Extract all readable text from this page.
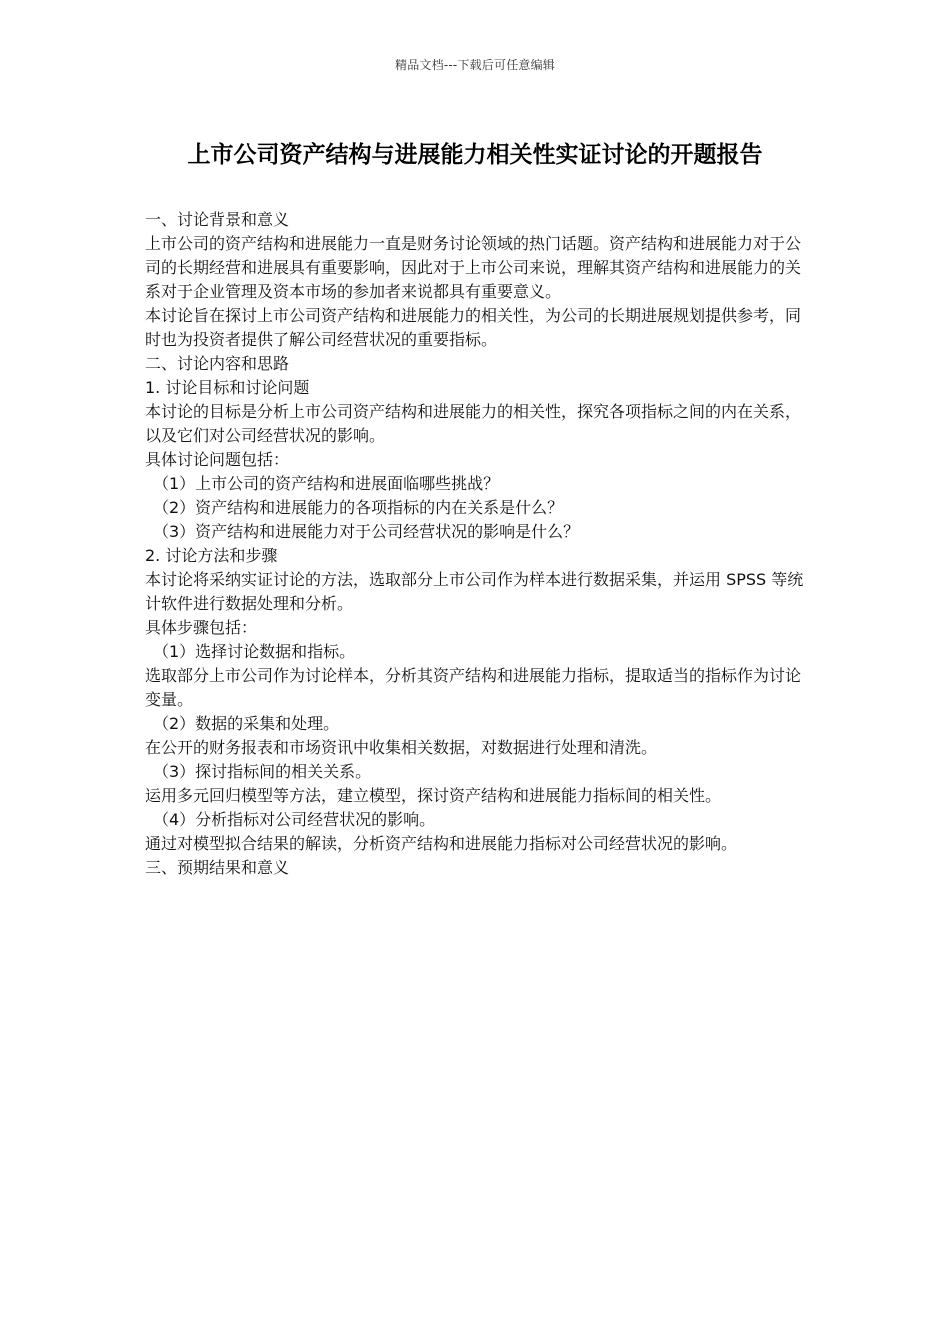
精品文档---下载后可任意编辑
上市公司资产结构与进展能力相关性实证讨论的开题报告

一、讨论背景和意义

上市公司的资产结构和进展能力一直是财务讨论领域的热门话题。资产结构和进展能力对于公司的长期经营和进展具有重要影响，因此对于上市公司来说，理解其资产结构和进展能力的关系对于企业管理及资本市场的参加者来说都具有重要意义。

本讨论旨在探讨上市公司资产结构和进展能力的相关性，为公司的长期进展规划提供参考，同时也为投资者提供了解公司经营状况的重要指标。

二、讨论内容和思路

1. 讨论目标和讨论问题

本讨论的目标是分析上市公司资产结构和进展能力的相关性，探究各项指标之间的内在关系，以及它们对公司经营状况的影响。

具体讨论问题包括：

（1）上市公司的资产结构和进展面临哪些挑战？

（2）资产结构和进展能力的各项指标的内在关系是什么？

（3）资产结构和进展能力对于公司经营状况的影响是什么？

2. 讨论方法和步骤

本讨论将采纳实证讨论的方法，选取部分上市公司作为样本进行数据采集，并运用 SPSS 等统计软件进行数据处理和分析。

具体步骤包括：

（1）选择讨论数据和指标。

选取部分上市公司作为讨论样本，分析其资产结构和进展能力指标，提取适当的指标作为讨论变量。

（2）数据的采集和处理。

在公开的财务报表和市场资讯中收集相关数据，对数据进行处理和清洗。

（3）探讨指标间的相关关系。

运用多元回归模型等方法，建立模型，探讨资产结构和进展能力指标间的相关性。

（4）分析指标对公司经营状况的影响。

通过对模型拟合结果的解读，分析资产结构和进展能力指标对公司经营状况的影响。

三、预期结果和意义
